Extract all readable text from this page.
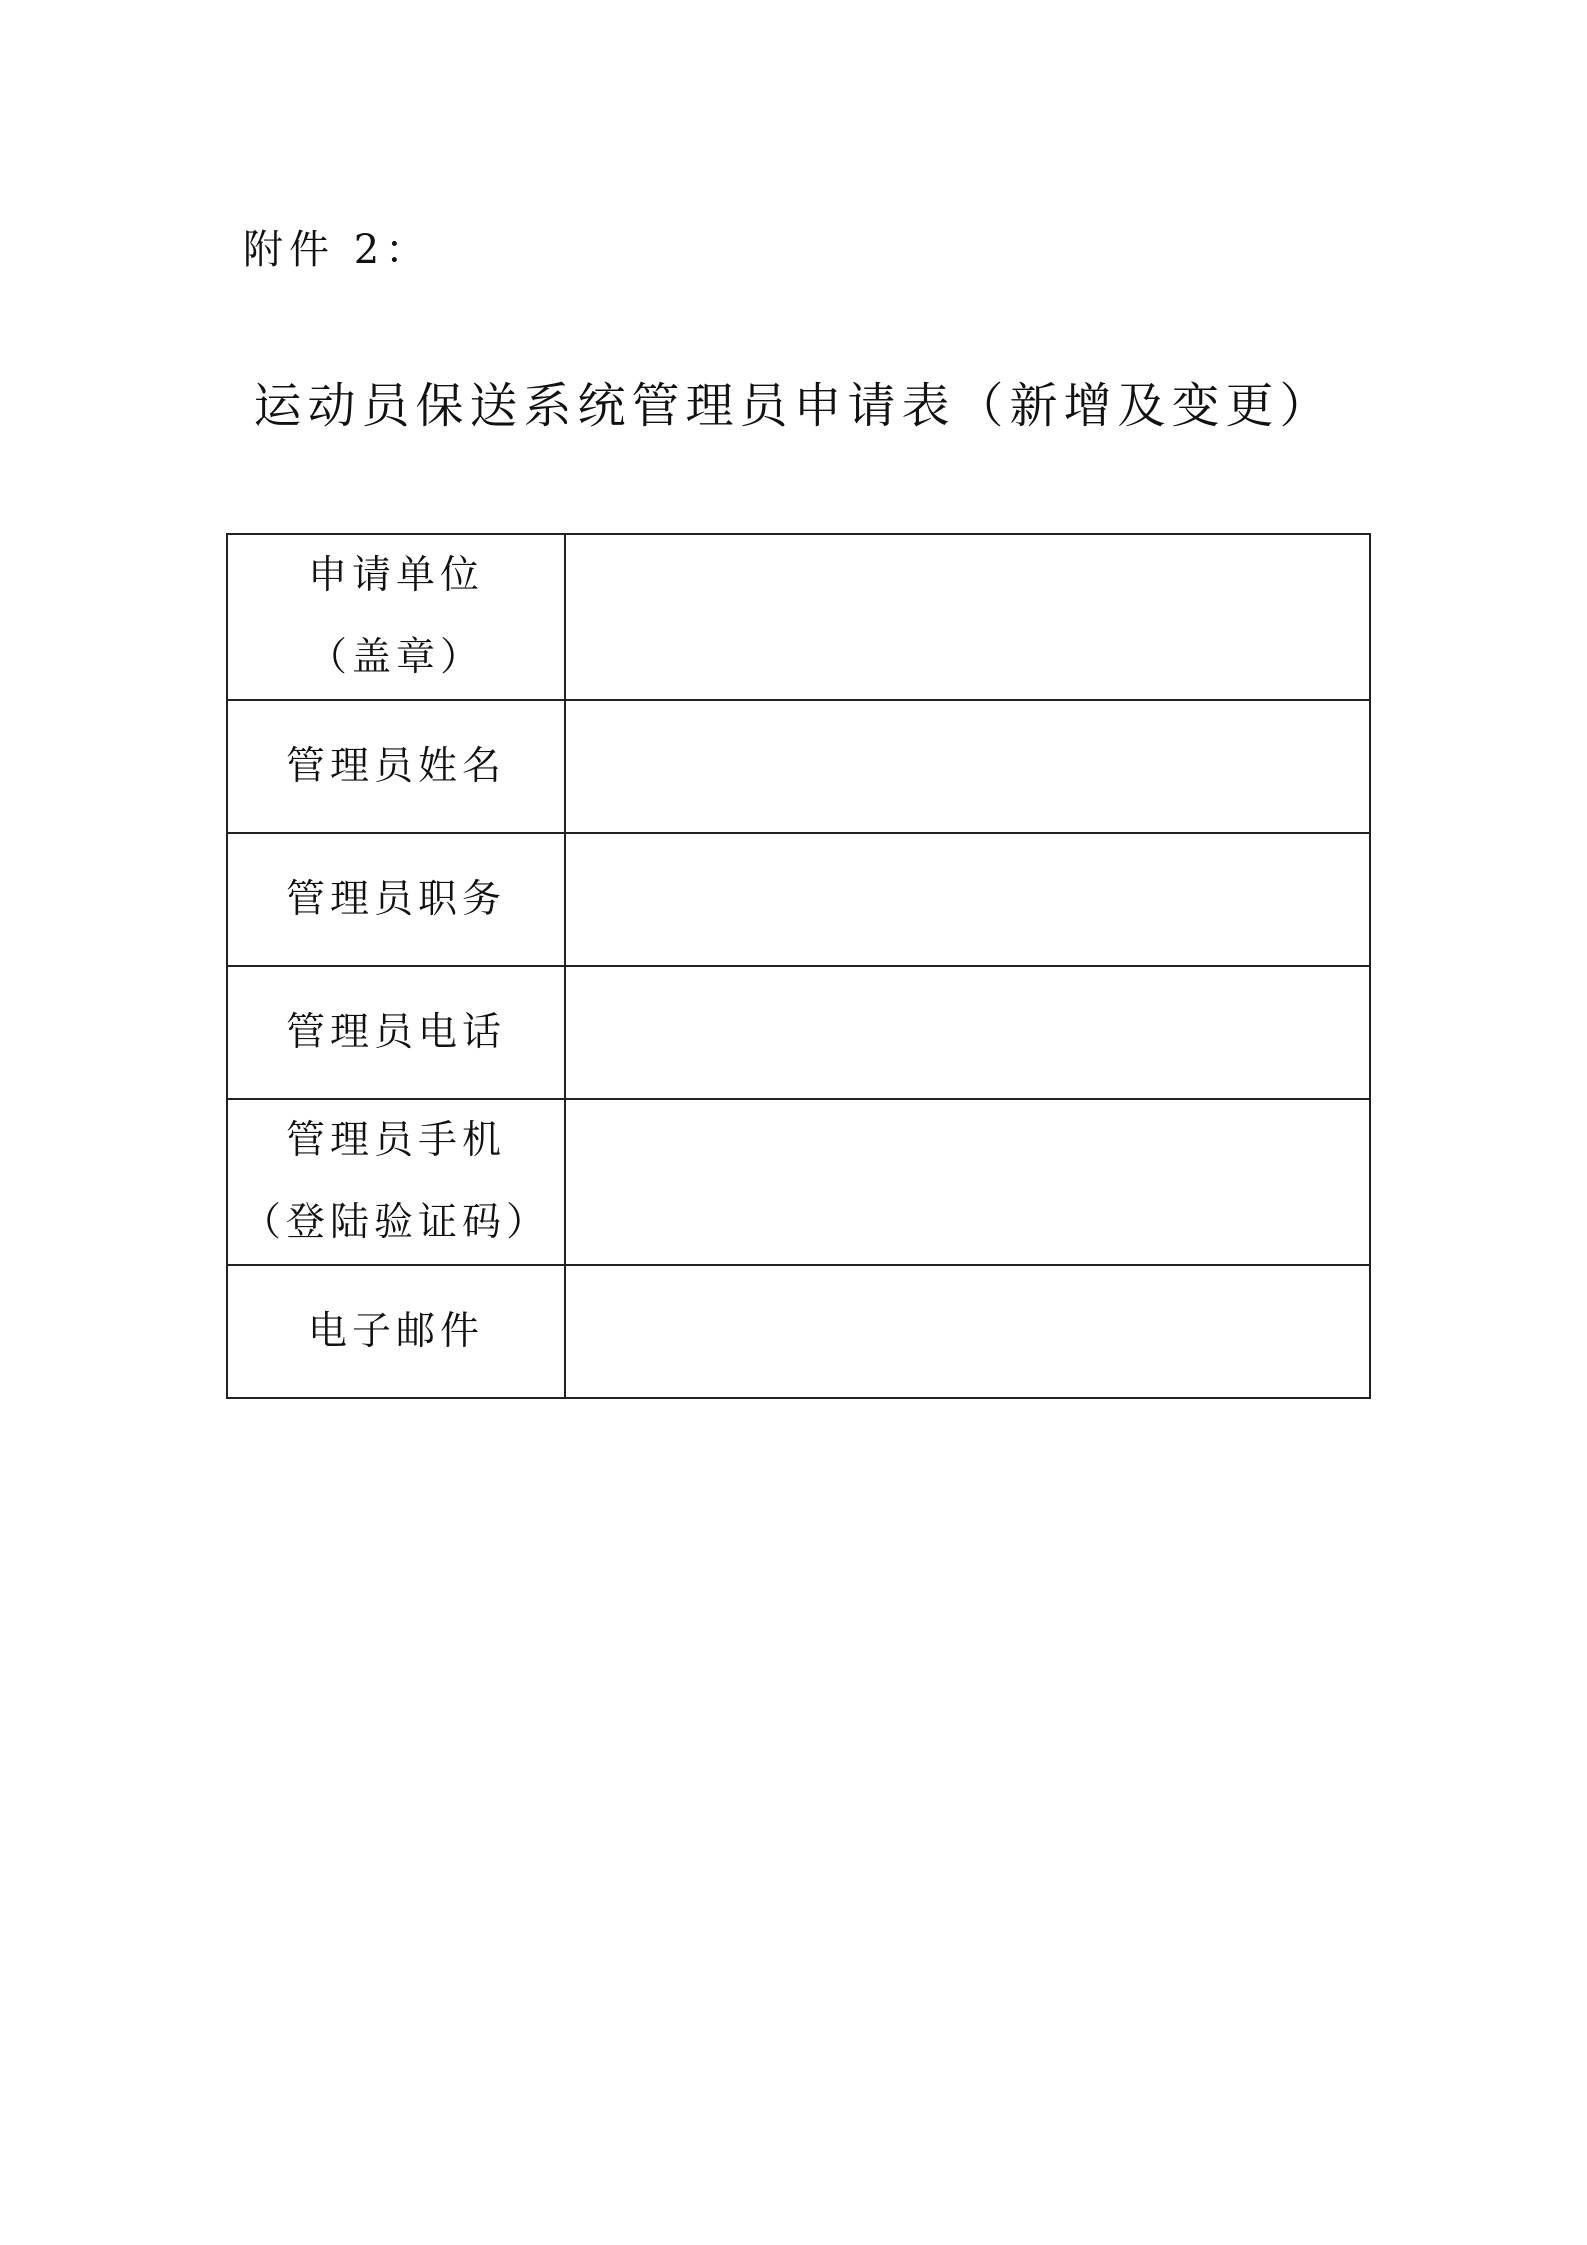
附件 2：
运动员保送系统管理员申请表（新增及变更）
申请单位
（盖章）	

管理员姓名	

管理员职务	

管理员电话	

管理员手机
（登陆验证码）	

电子邮件	
